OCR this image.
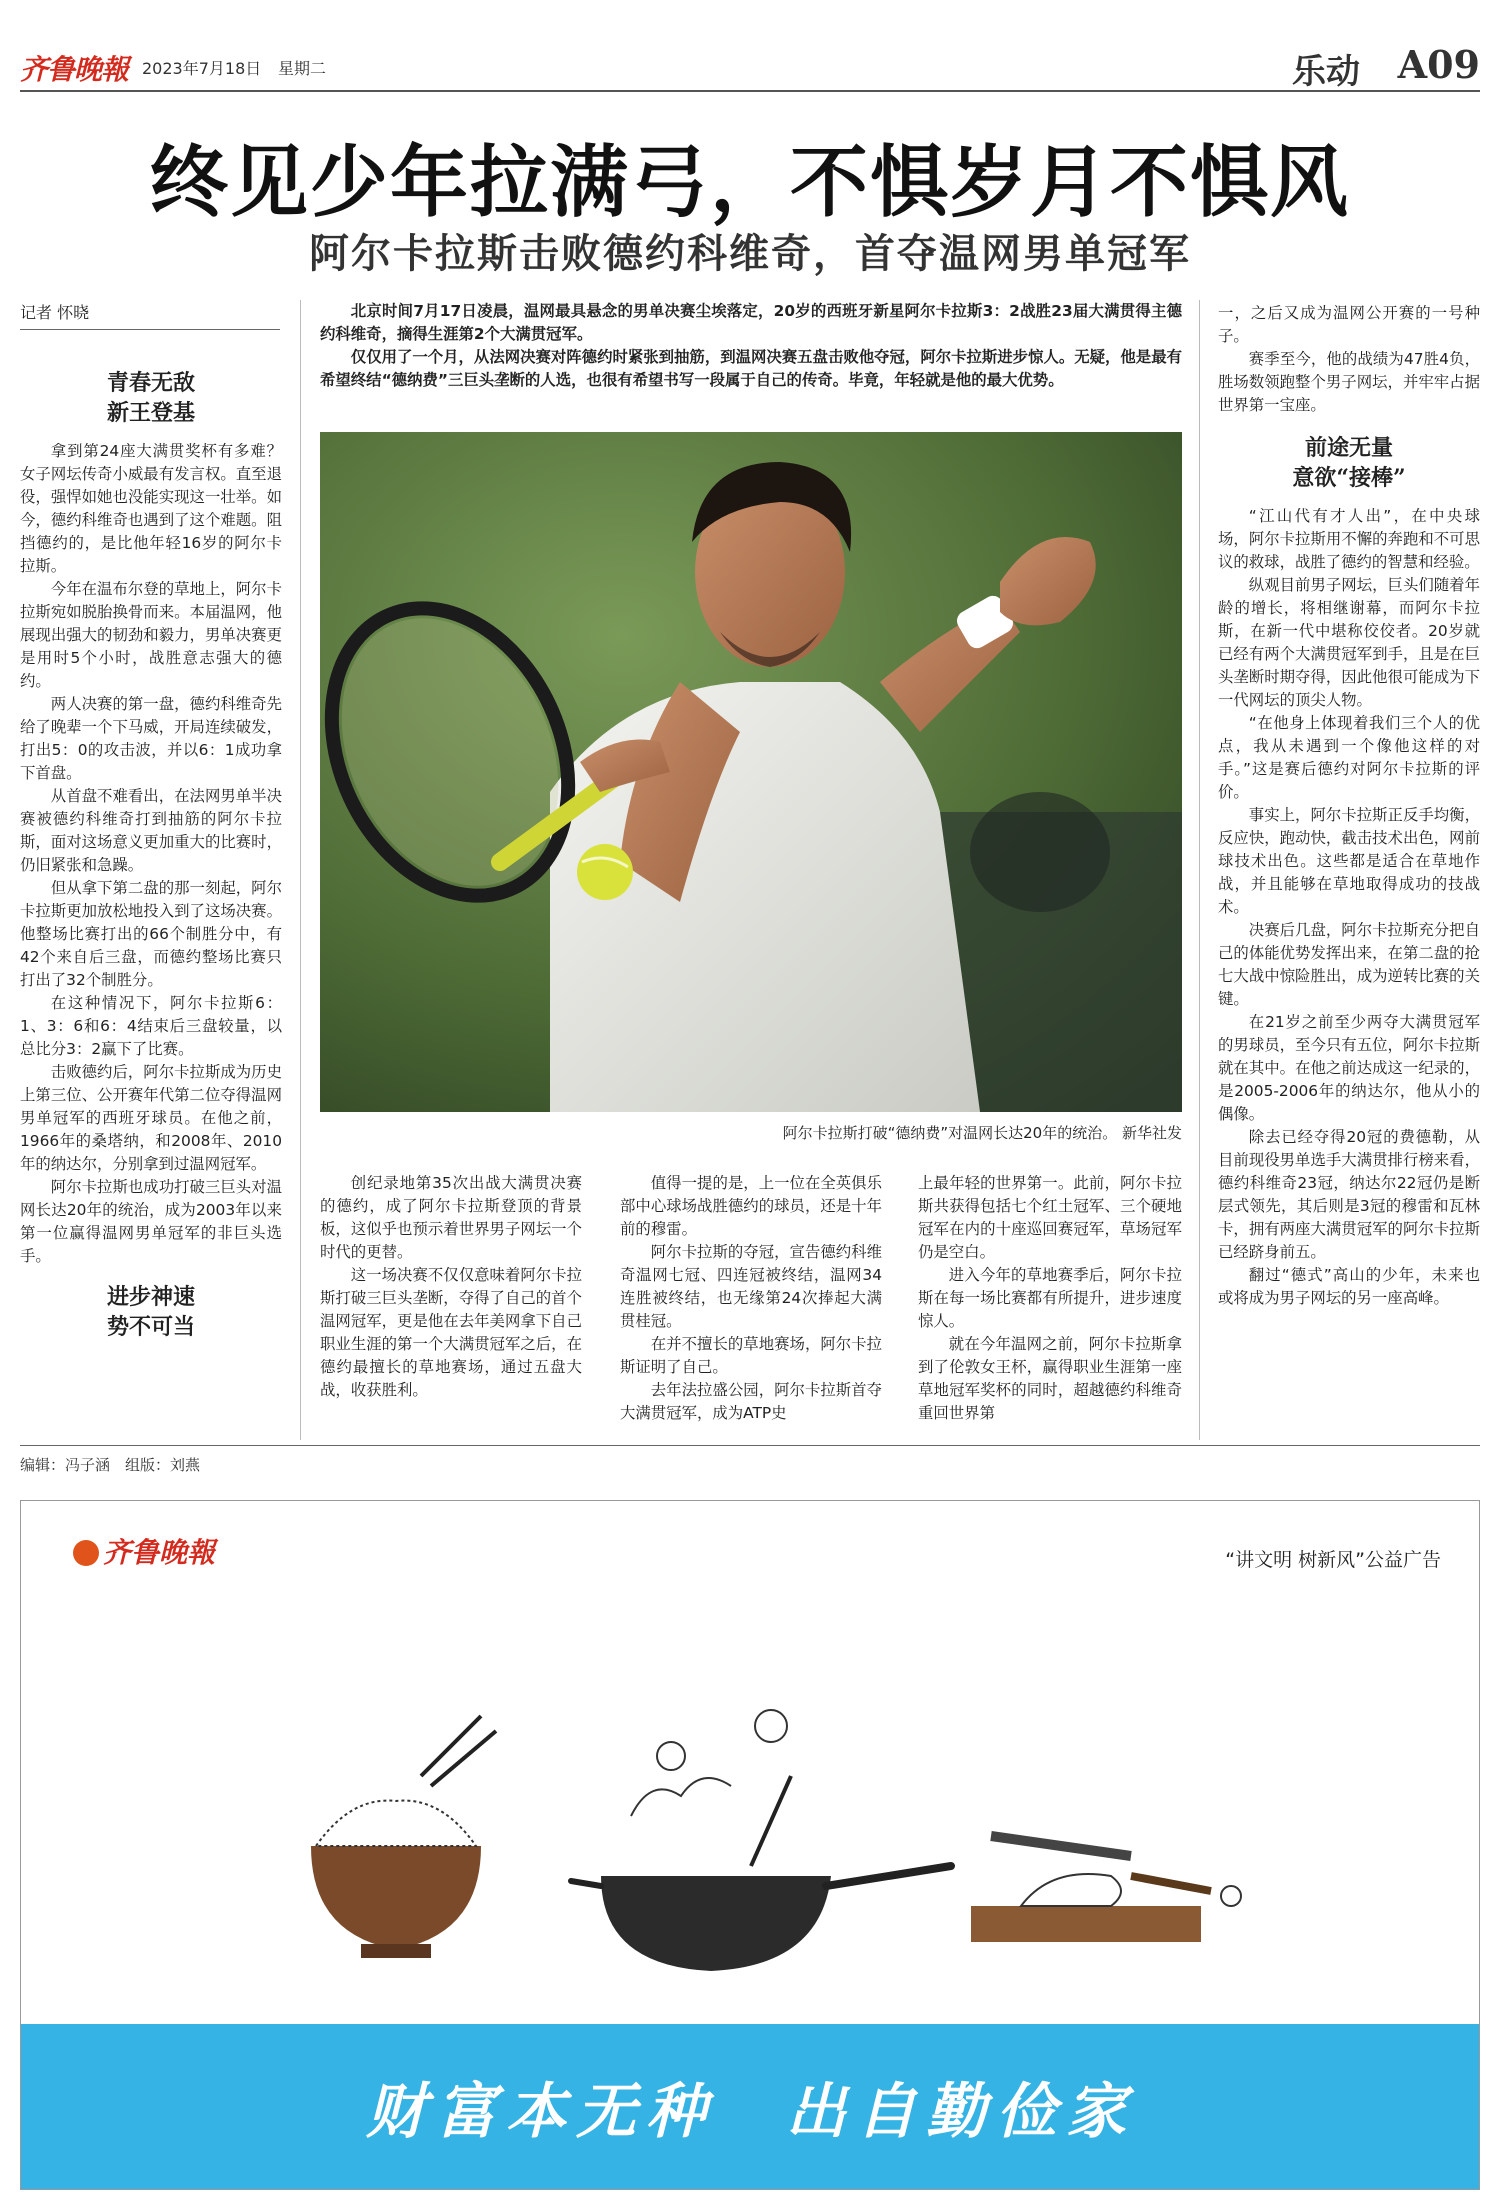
齐鲁晚報 2023年7月18日 星期二	乐动 A09
终见少年拉满弓，不惧岁月不惧风
阿尔卡拉斯击败德约科维奇，首夺温网男单冠军
记者 怀晓
青春无敌
新王登基

拿到第24座大满贯奖杯有多难？女子网坛传奇小威最有发言权。直至退役，强悍如她也没能实现这一壮举。如今，德约科维奇也遇到了这个难题。阻挡德约的，是比他年轻16岁的阿尔卡拉斯。

今年在温布尔登的草地上，阿尔卡拉斯宛如脱胎换骨而来。本届温网，他展现出强大的韧劲和毅力，男单决赛更是用时5个小时，战胜意志强大的德约。

两人决赛的第一盘，德约科维奇先给了晚辈一个下马威，开局连续破发，打出5：0的攻击波，并以6：1成功拿下首盘。

从首盘不难看出，在法网男单半决赛被德约科维奇打到抽筋的阿尔卡拉斯，面对这场意义更加重大的比赛时，仍旧紧张和急躁。

但从拿下第二盘的那一刻起，阿尔卡拉斯更加放松地投入到了这场决赛。他整场比赛打出的66个制胜分中，有42个来自后三盘，而德约整场比赛只打出了32个制胜分。

在这种情况下，阿尔卡拉斯6：1、3：6和6：4结束后三盘较量，以总比分3：2赢下了比赛。

击败德约后，阿尔卡拉斯成为历史上第三位、公开赛年代第二位夺得温网男单冠军的西班牙球员。在他之前，1966年的桑塔纳，和2008年、2010年的纳达尔，分别拿到过温网冠军。

阿尔卡拉斯也成功打破三巨头对温网长达20年的统治，成为2003年以来第一位赢得温网男单冠军的非巨头选手。

进步神速
势不可当

北京时间7月17日凌晨，温网最具悬念的男单决赛尘埃落定，20岁的西班牙新星阿尔卡拉斯3：2战胜23届大满贯得主德约科维奇，摘得生涯第2个大满贯冠军。

仅仅用了一个月，从法网决赛对阵德约时紧张到抽筋，到温网决赛五盘击败他夺冠，阿尔卡拉斯进步惊人。无疑，他是最有希望终结“德纳费”三巨头垄断的人选，也很有希望书写一段属于自己的传奇。毕竟，年轻就是他的最大优势。

阿尔卡拉斯打破“德纳费”对温网长达20年的统治。 新华社发

创纪录地第35次出战大满贯决赛的德约，成了阿尔卡拉斯登顶的背景板，这似乎也预示着世界男子网坛一个时代的更替。

这一场决赛不仅仅意味着阿尔卡拉斯打破三巨头垄断，夺得了自己的首个温网冠军，更是他在去年美网拿下自己职业生涯的第一个大满贯冠军之后，在德约最擅长的草地赛场，通过五盘大战，收获胜利。

值得一提的是，上一位在全英俱乐部中心球场战胜德约的球员，还是十年前的穆雷。

阿尔卡拉斯的夺冠，宣告德约科维奇温网七冠、四连冠被终结，温网34连胜被终结，也无缘第24次捧起大满贯桂冠。

在并不擅长的草地赛场，阿尔卡拉斯证明了自己。

去年法拉盛公园，阿尔卡拉斯首夺大满贯冠军，成为ATP史

上最年轻的世界第一。此前，阿尔卡拉斯共获得包括七个红土冠军、三个硬地冠军在内的十座巡回赛冠军，草场冠军仍是空白。

进入今年的草地赛季后，阿尔卡拉斯在每一场比赛都有所提升，进步速度惊人。

就在今年温网之前，阿尔卡拉斯拿到了伦敦女王杯，赢得职业生涯第一座草地冠军奖杯的同时，超越德约科维奇重回世界第

一，之后又成为温网公开赛的一号种子。

赛季至今，他的战绩为47胜4负，胜场数领跑整个男子网坛，并牢牢占据世界第一宝座。

前途无量
意欲“接棒”

“江山代有才人出”，在中央球场，阿尔卡拉斯用不懈的奔跑和不可思议的救球，战胜了德约的智慧和经验。

纵观目前男子网坛，巨头们随着年龄的增长，将相继谢幕，而阿尔卡拉斯，在新一代中堪称佼佼者。20岁就已经有两个大满贯冠军到手，且是在巨头垄断时期夺得，因此他很可能成为下一代网坛的顶尖人物。

“在他身上体现着我们三个人的优点，我从未遇到一个像他这样的对手。”这是赛后德约对阿尔卡拉斯的评价。

事实上，阿尔卡拉斯正反手均衡，反应快，跑动快，截击技术出色，网前球技术出色。这些都是适合在草地作战，并且能够在草地取得成功的技战术。

决赛后几盘，阿尔卡拉斯充分把自己的体能优势发挥出来，在第二盘的抢七大战中惊险胜出，成为逆转比赛的关键。

在21岁之前至少两夺大满贯冠军的男球员，至今只有五位，阿尔卡拉斯就在其中。在他之前达成这一纪录的，是2005-2006年的纳达尔，他从小的偶像。

除去已经夺得20冠的费德勒，从目前现役男单选手大满贯排行榜来看，德约科维奇23冠，纳达尔22冠仍是断层式领先，其后则是3冠的穆雷和瓦林卡，拥有两座大满贯冠军的阿尔卡拉斯已经跻身前五。

翻过“德式”高山的少年，未来也或将成为男子网坛的另一座高峰。

编辑：冯子涵　组版：刘燕
齐鲁晚報	“讲文明 树新风”公益广告
财富本无种　出自勤俭家
